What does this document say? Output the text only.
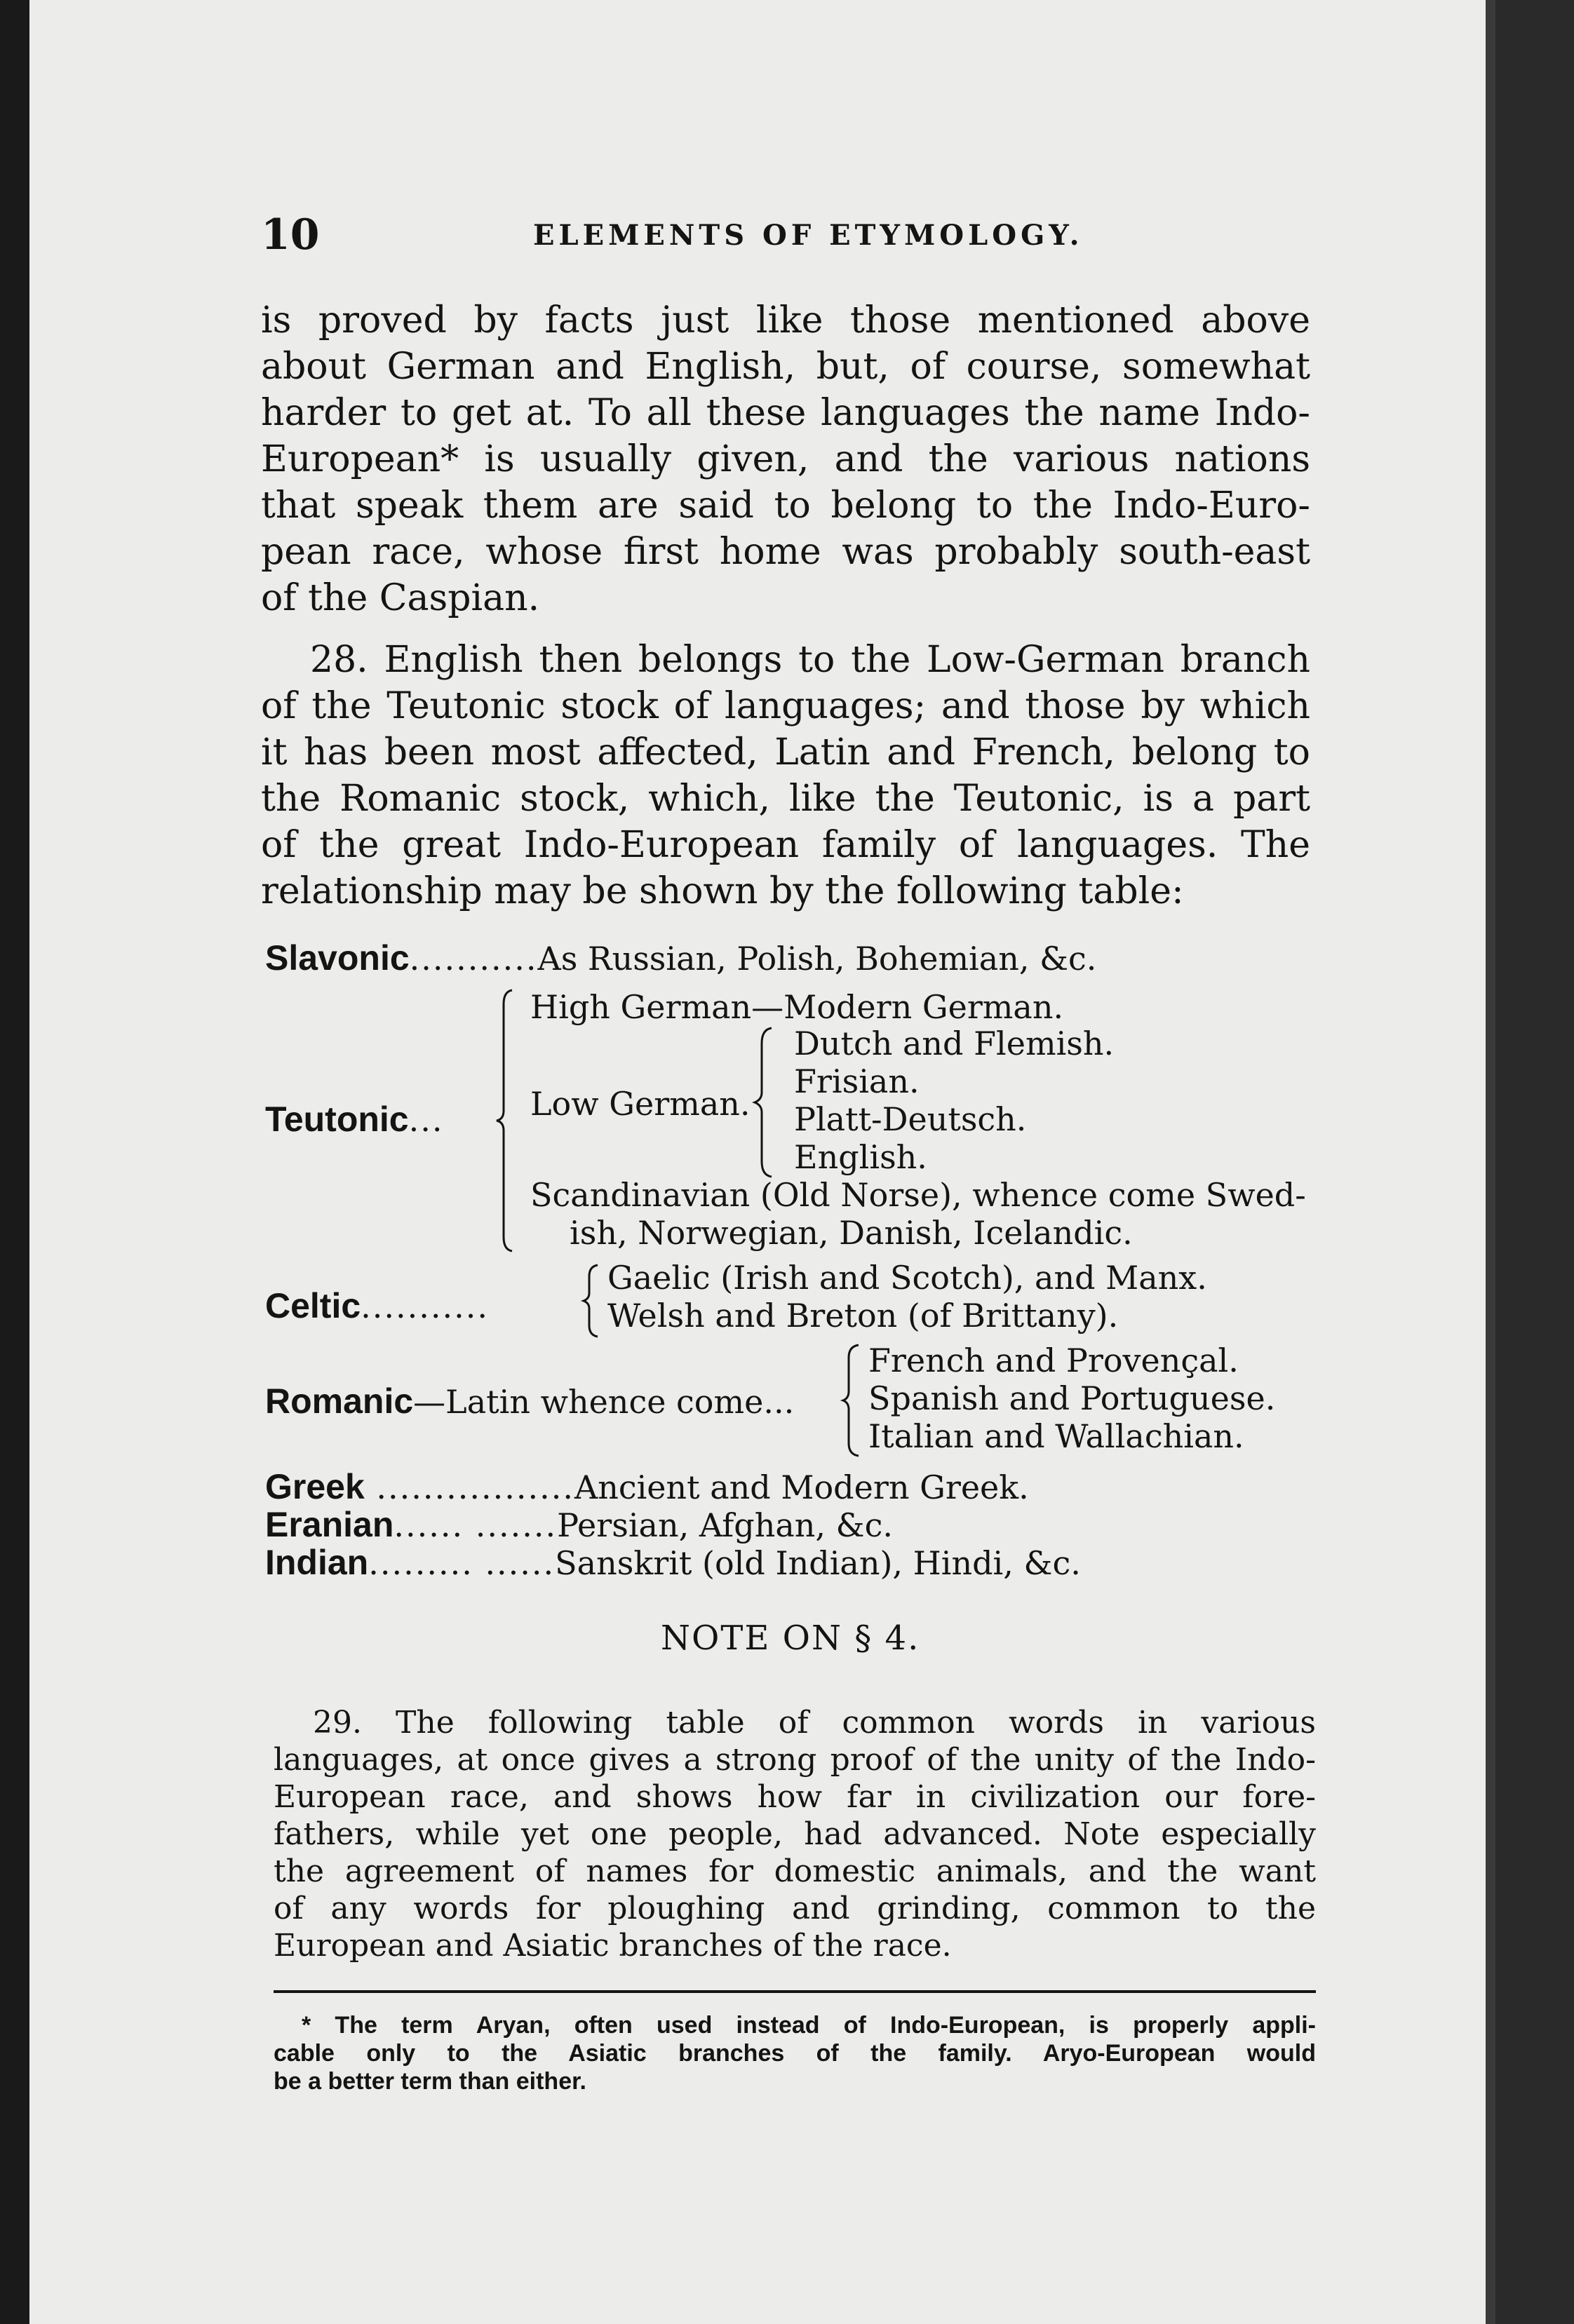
10	ELEMENTS OF ETYMOLOGY.
is proved by facts just like those mentioned above
about German and English, but, of course, somewhat
harder to get at. To all these languages the name Indo-
European* is usually given, and the various nations
that speak them are said to belong to the Indo-Euro-
pean race, whose first home was probably south-east
of the Caspian.
28. English then belongs to the Low-German branch
of the Teutonic stock of languages; and those by which
it has been most affected, Latin and French, belong to
the Romanic stock, which, like the Teutonic, is a part
of the great Indo-European family of languages. The
relationship may be shown by the following table:
Slavonic...........As Russian, Polish, Bohemian, &c.
Teutonic...
High German—Modern German.
Low German.
Dutch and Flemish.
Frisian.
Platt-Deutsch.
English.
Scandinavian (Old Norse), whence come Swed-
ish, Norwegian, Danish, Icelandic.
Celtic...........
Gaelic (Irish and Scotch), and Manx.
Welsh and Breton (of Brittany).
Romanic—Latin whence come...
French and Provençal.
Spanish and Portuguese.
Italian and Wallachian.
Greek .................Ancient and Modern Greek.
Eranian...... .......Persian, Afghan, &c.
Indian......... ......Sanskrit (old Indian), Hindi, &c.
NOTE ON § 4.
29. The following table of common words in various
languages, at once gives a strong proof of the unity of the Indo-
European race, and shows how far in civilization our fore-
fathers, while yet one people, had advanced. Note especially
the agreement of names for domestic animals, and the want
of any words for ploughing and grinding, common to the
European and Asiatic branches of the race.
* The term Aryan, often used instead of Indo-European, is properly appli-
cable only to the Asiatic branches of the family. Aryo-European would
be a better term than either.
